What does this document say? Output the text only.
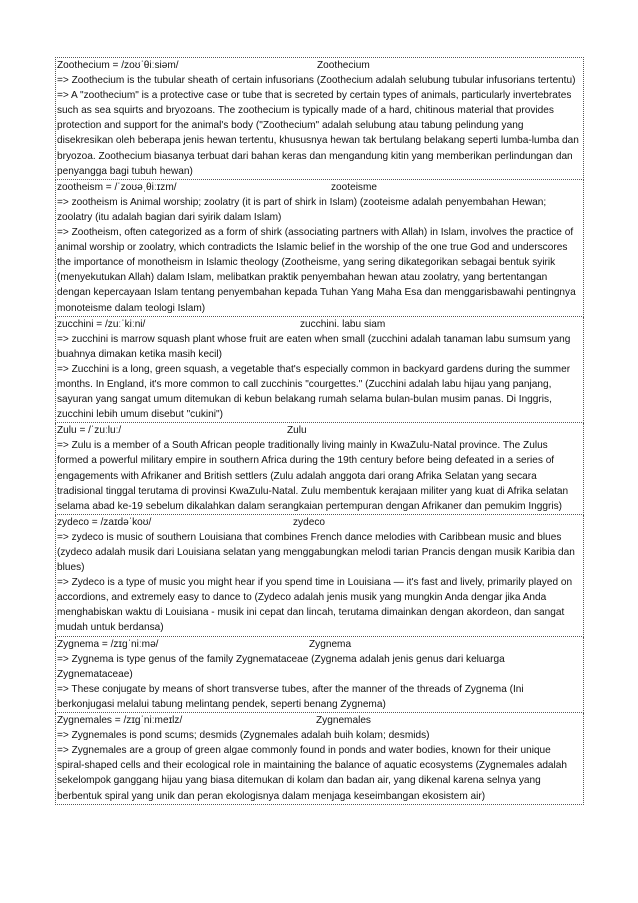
Zoothecium = /zoʊˈθiːsiəm/	Zoothecium

=> Zoothecium is the tubular sheath of certain infusorians (Zoothecium adalah selubung tubular infusorians tertentu)

=> A "zoothecium" is a protective case or tube that is secreted by certain types of animals, particularly invertebrates such as sea squirts and bryozoans. The zoothecium is typically made of a hard, chitinous material that provides protection and support for the animal's body ("Zoothecium" adalah selubung atau tabung pelindung yang disekresikan oleh beberapa jenis hewan tertentu, khususnya hewan tak bertulang belakang seperti lumba-lumba dan bryozoa. Zoothecium biasanya terbuat dari bahan keras dan mengandung kitin yang memberikan perlindungan dan penyangga bagi tubuh hewan)

zootheism = /ˈzoʊəˌθiːɪzm/	zooteisme

=> zootheism is Animal worship; zoolatry (it is part of shirk in Islam) (zooteisme adalah penyembahan Hewan; zoolatry (itu adalah bagian dari syirik dalam Islam)

=> Zootheism, often categorized as a form of shirk (associating partners with Allah) in Islam, involves the practice of animal worship or zoolatry, which contradicts the Islamic belief in the worship of the one true God and underscores the importance of monotheism in Islamic theology (Zootheisme, yang sering dikategorikan sebagai bentuk syirik (menyekutukan Allah) dalam Islam, melibatkan praktik penyembahan hewan atau zoolatry, yang bertentangan dengan kepercayaan Islam tentang penyembahan kepada Tuhan Yang Maha Esa dan menggarisbawahi pentingnya monoteisme dalam teologi Islam)

zucchini = /zuːˈkiːni/	zucchini. labu siam

=> zucchini is marrow squash plant whose fruit are eaten when small (zucchini adalah tanaman labu sumsum yang buahnya dimakan ketika masih kecil)

=> Zucchini is a long, green squash, a vegetable that's especially common in backyard gardens during the summer months. In England, it's more common to call zucchinis "courgettes." (Zucchini adalah labu hijau yang panjang, sayuran yang sangat umum ditemukan di kebun belakang rumah selama bulan-bulan musim panas. Di Inggris, zucchini lebih umum disebut "cukini")

Zulu = /ˈzuːluː/	Zulu

=> Zulu is a member of a South African people traditionally living mainly in KwaZulu-Natal province. The Zulus formed a powerful military empire in southern Africa during the 19th century before being defeated in a series of engagements with Afrikaner and British settlers (Zulu adalah anggota dari orang Afrika Selatan yang secara tradisional tinggal terutama di provinsi KwaZulu-Natal. Zulu membentuk kerajaan militer yang kuat di Afrika selatan selama abad ke-19 sebelum dikalahkan dalam serangkaian pertempuran dengan Afrikaner dan pemukim Inggris)

zydeco = /zaɪdəˈkoʊ/	zydeco

=> zydeco is music of southern Louisiana that combines French dance melodies with Caribbean music and blues (zydeco adalah musik dari Louisiana selatan yang menggabungkan melodi tarian Prancis dengan musik Karibia dan blues)

=> Zydeco is a type of music you might hear if you spend time in Louisiana — it's fast and lively, primarily played on accordions, and extremely easy to dance to (Zydeco adalah jenis musik yang mungkin Anda dengar jika Anda menghabiskan waktu di Louisiana - musik ini cepat dan lincah, terutama dimainkan dengan akordeon, dan sangat mudah untuk berdansa)

Zygnema = /zɪɡˈniːmə/	Zygnema

=> Zygnema is type genus of the family Zygnemataceae (Zygnema adalah jenis genus dari keluarga Zygnemataceae)

=> These conjugate by means of short transverse tubes, after the manner of the threads of Zygnema (Ini berkonjugasi melalui tabung melintang pendek, seperti benang Zygnema)

Zygnemales = /zɪɡˈniːmeɪlz/	Zygnemales

=> Zygnemales is pond scums; desmids (Zygnemales adalah buih kolam; desmids)

=> Zygnemales are a group of green algae commonly found in ponds and water bodies, known for their unique spiral-shaped cells and their ecological role in maintaining the balance of aquatic ecosystems (Zygnemales adalah sekelompok ganggang hijau yang biasa ditemukan di kolam dan badan air, yang dikenal karena selnya yang berbentuk spiral yang unik dan peran ekologisnya dalam menjaga keseimbangan ekosistem air)
